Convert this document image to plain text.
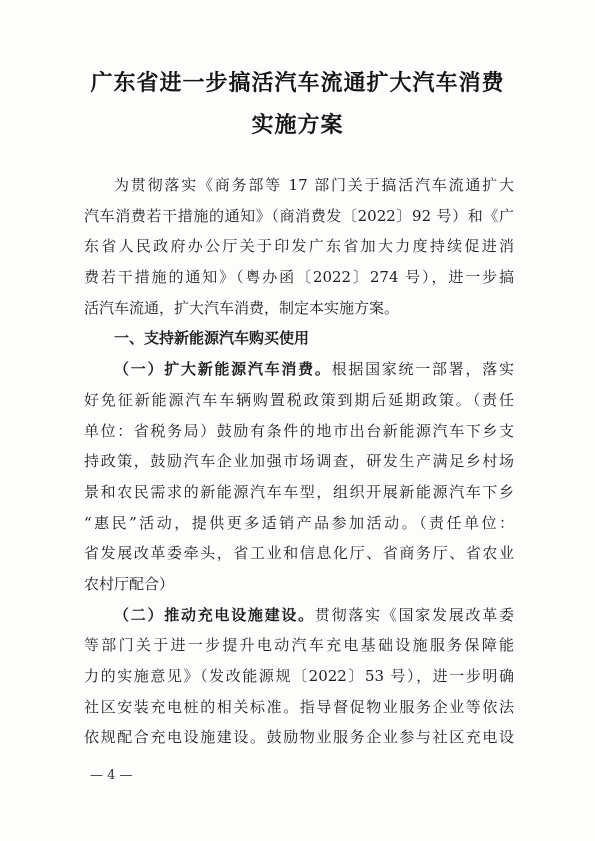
广东省进一步搞活汽车流通扩大汽车消费
实施方案
为贯彻落实《商务部等 17 部门关于搞活汽车流通扩大
汽车消费若干措施的通知》（商消费发〔2022〕92 号）和《广
东省人民政府办公厅关于印发广东省加大力度持续促进消
费若干措施的通知》（粤办函〔2022〕274 号），进一步搞
活汽车流通，扩大汽车消费，制定本实施方案。
一、支持新能源汽车购买使用
（一）扩大新能源汽车消费。根据国家统一部署，落实
好免征新能源汽车车辆购置税政策到期后延期政策。（责任
单位：省税务局）鼓励有条件的地市出台新能源汽车下乡支
持政策，鼓励汽车企业加强市场调查，研发生产满足乡村场
景和农民需求的新能源汽车车型，组织开展新能源汽车下乡
“惠民”活动，提供更多适销产品参加活动。（责任单位：
省发展改革委牵头，省工业和信息化厅、省商务厅、省农业
农村厅配合）
（二）推动充电设施建设。贯彻落实《国家发展改革委
等部门关于进一步提升电动汽车充电基础设施服务保障能
力的实施意见》（发改能源规〔2022〕53 号），进一步明确
社区安装充电桩的相关标准。指导督促物业服务企业等依法
依规配合充电设施建设。鼓励物业服务企业参与社区充电设
— 4 —
